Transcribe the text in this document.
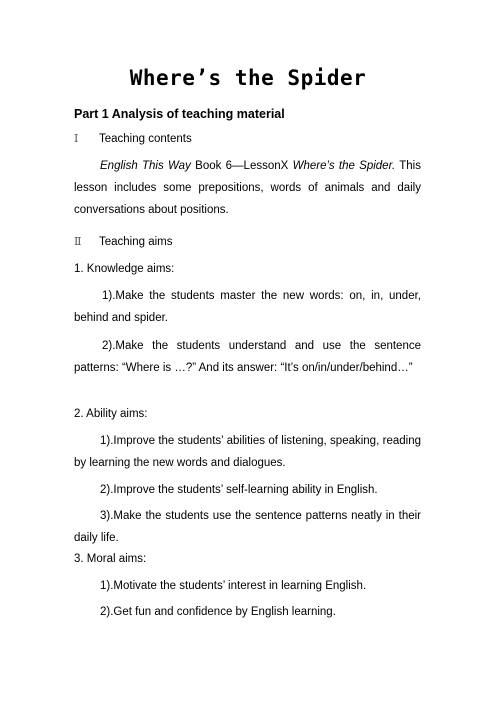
Where’s the Spider
Part 1 Analysis of teaching material
Ⅰ Teaching contents

English This Way Book 6—LessonX Where’s the Spider. This lesson includes some prepositions, words of animals and daily conversations about positions.

Ⅱ Teaching aims
1. Knowledge aims:

1).Make the students master the new words: on, in, under, behind and spider.

2).Make the students understand and use the sentence patterns: “Where is …?” And its answer: “It’s on/in/under/behind…”

2. Ability aims:

1).Improve the students’ abilities of listening, speaking, reading by learning the new words and dialogues.

2).Improve the students’ self-learning ability in English.

3).Make the students use the sentence patterns neatly in their daily life.

3. Moral aims:
1).Motivate the students’ interest in learning English.
2).Get fun and confidence by English learning.
